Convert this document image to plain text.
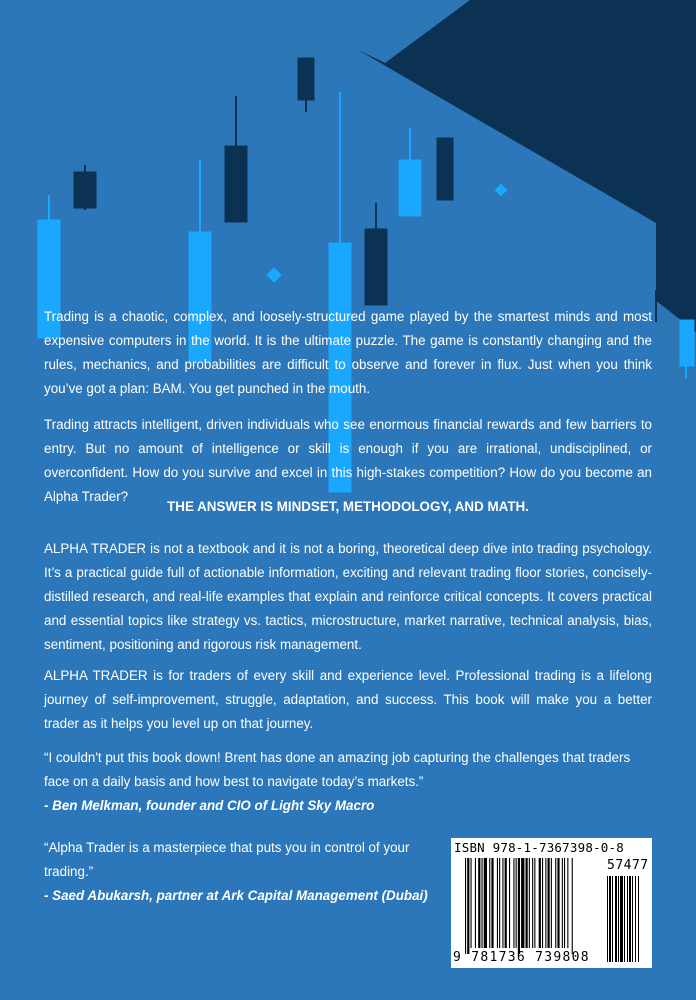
Trading is a chaotic, complex, and loosely-structured game played by the smartest minds and most expensive computers in the world. It is the ultimate puzzle. The game is constantly changing and the rules, mechanics, and probabilities are difficult to observe and forever in flux. Just when you think you’ve got a plan: BAM. You get punched in the mouth.

Trading attracts intelligent, driven individuals who see enormous financial rewards and few barriers to entry. But no amount of intelligence or skill is enough if you are irrational, undisciplined, or overconfident. How do you survive and excel in this high-stakes competition? How do you become an Alpha Trader?

THE ANSWER IS MINDSET, METHODOLOGY, AND MATH.

ALPHA TRADER is not a textbook and it is not a boring, theoretical deep dive into trading psychology. It’s a practical guide full of actionable information, exciting and relevant trading floor stories, concisely-distilled research, and real-life examples that explain and reinforce critical concepts. It covers practical and essential topics like strategy vs. tactics, microstructure, market narrative, technical analysis, bias, sentiment, positioning and rigorous risk management.

ALPHA TRADER is for traders of every skill and experience level. Professional trading is a lifelong journey of self-improvement, struggle, adaptation, and success. This book will make you a better trader as it helps you level up on that journey.

“I couldn't put this book down! Brent has done an amazing job capturing the challenges that traders face on a daily basis and how best to navigate today’s markets.”
- Ben Melkman, founder and CIO of Light Sky Macro

“Alpha Trader is a masterpiece that puts you in control of your trading.”
- Saed Abukarsh, partner at Ark Capital Management (Dubai)

ISBN 978-1-7367398-0-8
9 781736 739808
57477
